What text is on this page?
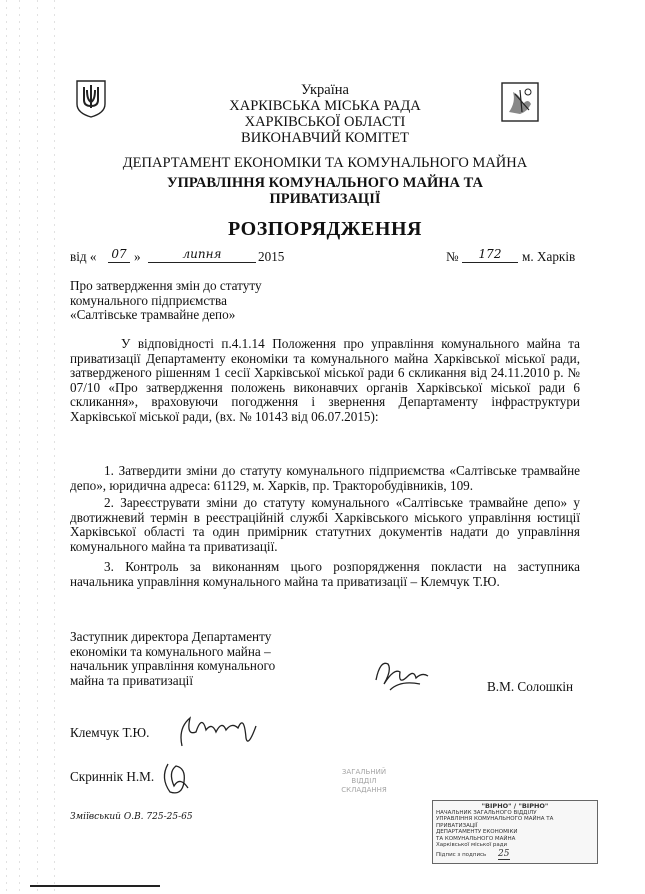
Україна
ХАРКІВСЬКА МІСЬКА РАДА
ХАРКІВСЬКОЇ ОБЛАСТІ
ВИКОНАВЧИЙ КОМІТЕТ
ДЕПАРТАМЕНТ ЕКОНОМІКИ ТА КОМУНАЛЬНОГО МАЙНА
УПРАВЛІННЯ КОМУНАЛЬНОГО МАЙНА ТА
ПРИВАТИЗАЦІЇ
РОЗПОРЯДЖЕННЯ
від « 07 »	липня	2015	№	172	м. Харків
Про затвердження змін до статуту
комунального підприємства
«Салтівське трамвайне депо»
У відповідності п.4.1.14 Положення про управління комунального майна та приватизації Департаменту економіки та комунального майна Харківської міської ради, затвердженого рішенням 1 сесії Харківської міської ради 6 скликання від 24.11.2010 р. № 07/10 «Про затвердження положень виконавчих органів Харківської міської ради 6 скликання», враховуючи погодження і звернення Департаменту інфраструктури Харківської міської ради, (вх. № 10143 від 06.07.2015):
1. Затвердити зміни до статуту комунального підприємства «Салтівське трамвайне депо», юридична адреса: 61129, м. Харків, пр. Тракторобудівників, 109.
2. Зареєструвати зміни до статуту комунального «Салтівське трамвайне депо» у двотижневий термін в реєстраційній службі Харківського міського управління юстиції Харківської області та один примірник статутних документів надати до управління комунального майна та приватизації.
3. Контроль за виконанням цього розпорядження покласти на заступника начальника управління комунального майна та приватизації – Клемчук Т.Ю.
Заступник директора Департаменту
економіки та комунального майна –
начальник управління комунального
майна та приватизації	В.М. Солошкін
Клемчук Т.Ю.
Скриннік Н.М.
Зміївський О.В. 725-25-65
ЗАГАЛЬНИЙ
ВІДДІЛ
СКЛАДАННЯ
"ВІРНО" / "ВІРНО"
НАЧАЛЬНИК ЗАГАЛЬНОГО ВІДДІЛУ
УПРАВЛІННЯ КОМУНАЛЬНОГО МАЙНА ТА ПРИВАТИЗАЦІЇ
ДЕПАРТАМЕНТУ ЕКОНОМІКИ
ТА КОМУНАЛЬНОГО МАЙНА
Харківської міської ради
Підпис з подпись 25
